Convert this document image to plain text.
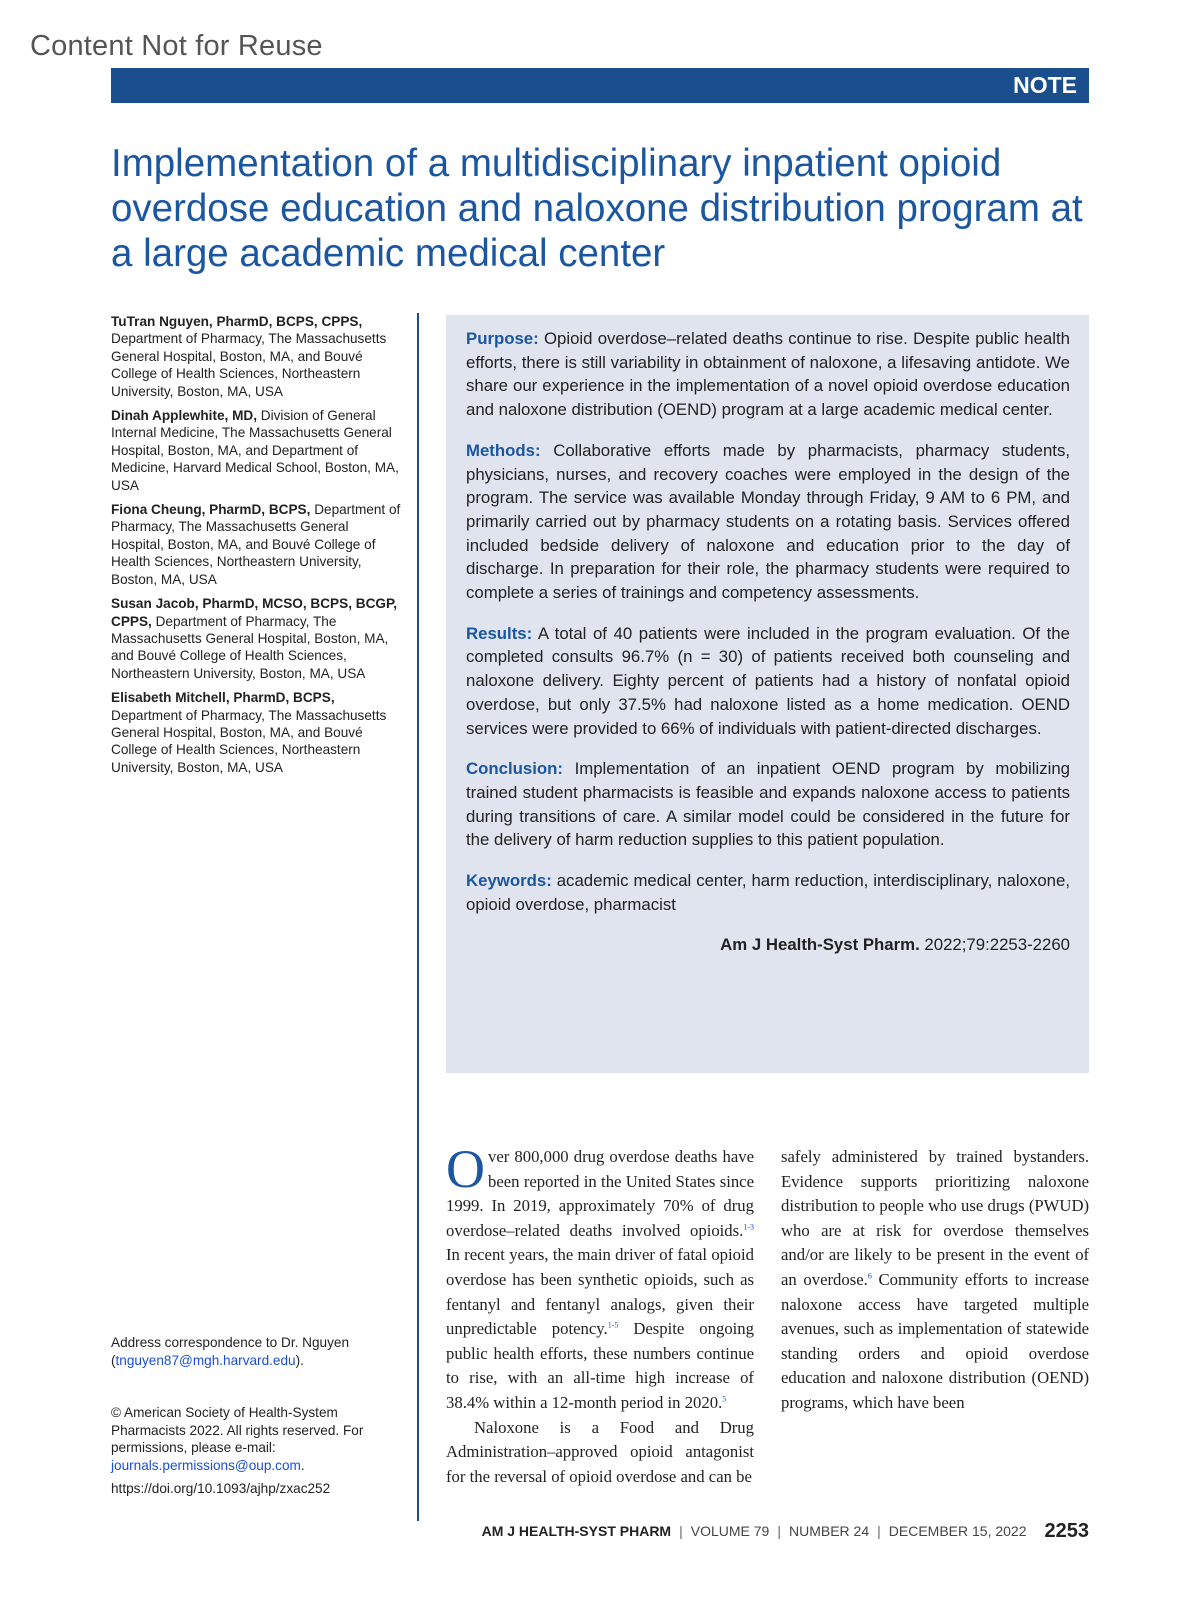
Content Not for Reuse
NOTE
Implementation of a multidisciplinary inpatient opioid overdose education and naloxone distribution program at a large academic medical center

TuTran Nguyen, PharmD, BCPS, CPPS, Department of Pharmacy, The Massachusetts General Hospital, Boston, MA, and Bouvé College of Health Sciences, Northeastern University, Boston, MA, USA

Dinah Applewhite, MD, Division of General Internal Medicine, The Massachusetts General Hospital, Boston, MA, and Department of Medicine, Harvard Medical School, Boston, MA, USA

Fiona Cheung, PharmD, BCPS, Department of Pharmacy, The Massachusetts General Hospital, Boston, MA, and Bouvé College of Health Sciences, Northeastern University, Boston, MA, USA

Susan Jacob, PharmD, MCSO, BCPS, BCGP, CPPS, Department of Pharmacy, The Massachusetts General Hospital, Boston, MA, and Bouvé College of Health Sciences, Northeastern University, Boston, MA, USA

Elisabeth Mitchell, PharmD, BCPS, Department of Pharmacy, The Massachusetts General Hospital, Boston, MA, and Bouvé College of Health Sciences, Northeastern University, Boston, MA, USA

Purpose: Opioid overdose–related deaths continue to rise. Despite public health efforts, there is still variability in obtainment of naloxone, a lifesaving antidote. We share our experience in the implementation of a novel opioid overdose education and naloxone distribution (OEND) program at a large academic medical center.

Methods: Collaborative efforts made by pharmacists, pharmacy students, physicians, nurses, and recovery coaches were employed in the design of the program. The service was available Monday through Friday, 9 AM to 6 PM, and primarily carried out by pharmacy students on a rotating basis. Services offered included bedside delivery of naloxone and education prior to the day of discharge. In preparation for their role, the pharmacy students were required to complete a series of trainings and competency assessments.

Results: A total of 40 patients were included in the program evaluation. Of the completed consults 96.7% (n = 30) of patients received both counseling and naloxone delivery. Eighty percent of patients had a history of nonfatal opioid overdose, but only 37.5% had naloxone listed as a home medication. OEND services were provided to 66% of individuals with patient-directed discharges.

Conclusion: Implementation of an inpatient OEND program by mobilizing trained student pharmacists is feasible and expands naloxone access to patients during transitions of care. A similar model could be considered in the future for the delivery of harm reduction supplies to this patient population.

Keywords: academic medical center, harm reduction, interdisciplinary, naloxone, opioid overdose, pharmacist

Am J Health-Syst Pharm. 2022;79:2253-2260

Address correspondence to Dr. Nguyen (tnguyen87@mgh.harvard.edu).

© American Society of Health-System Pharmacists 2022. All rights reserved. For permissions, please e-mail: journals.permissions@oup.com.

https://doi.org/10.1093/ajhp/zxac252

Over 800,000 drug overdose deaths have been reported in the United States since 1999. In 2019, approximately 70% of drug overdose–related deaths involved opioids.$^{1-3}$ In recent years, the main driver of fatal opioid overdose has been synthetic opioids, such as fentanyl and fentanyl analogs, given their unpredictable potency.$^{1-5}$ Despite ongoing public health efforts, these numbers continue to rise, with an all-time high increase of 38.4% within a 12-month period in 2020.$^5$

Naloxone is a Food and Drug Administration–approved opioid antagonist for the reversal of opioid overdose and can be

safely administered by trained bystanders. Evidence supports prioritizing naloxone distribution to people who use drugs (PWUD) who are at risk for overdose themselves and/or are likely to be present in the event of an overdose.$^6$ Community efforts to increase naloxone access have targeted multiple avenues, such as implementation of statewide standing orders and opioid overdose education and naloxone distribution (OEND) programs, which have been

AM J HEALTH-SYST PHARM | VOLUME 79 | NUMBER 24 | DECEMBER 15, 2022 2253
